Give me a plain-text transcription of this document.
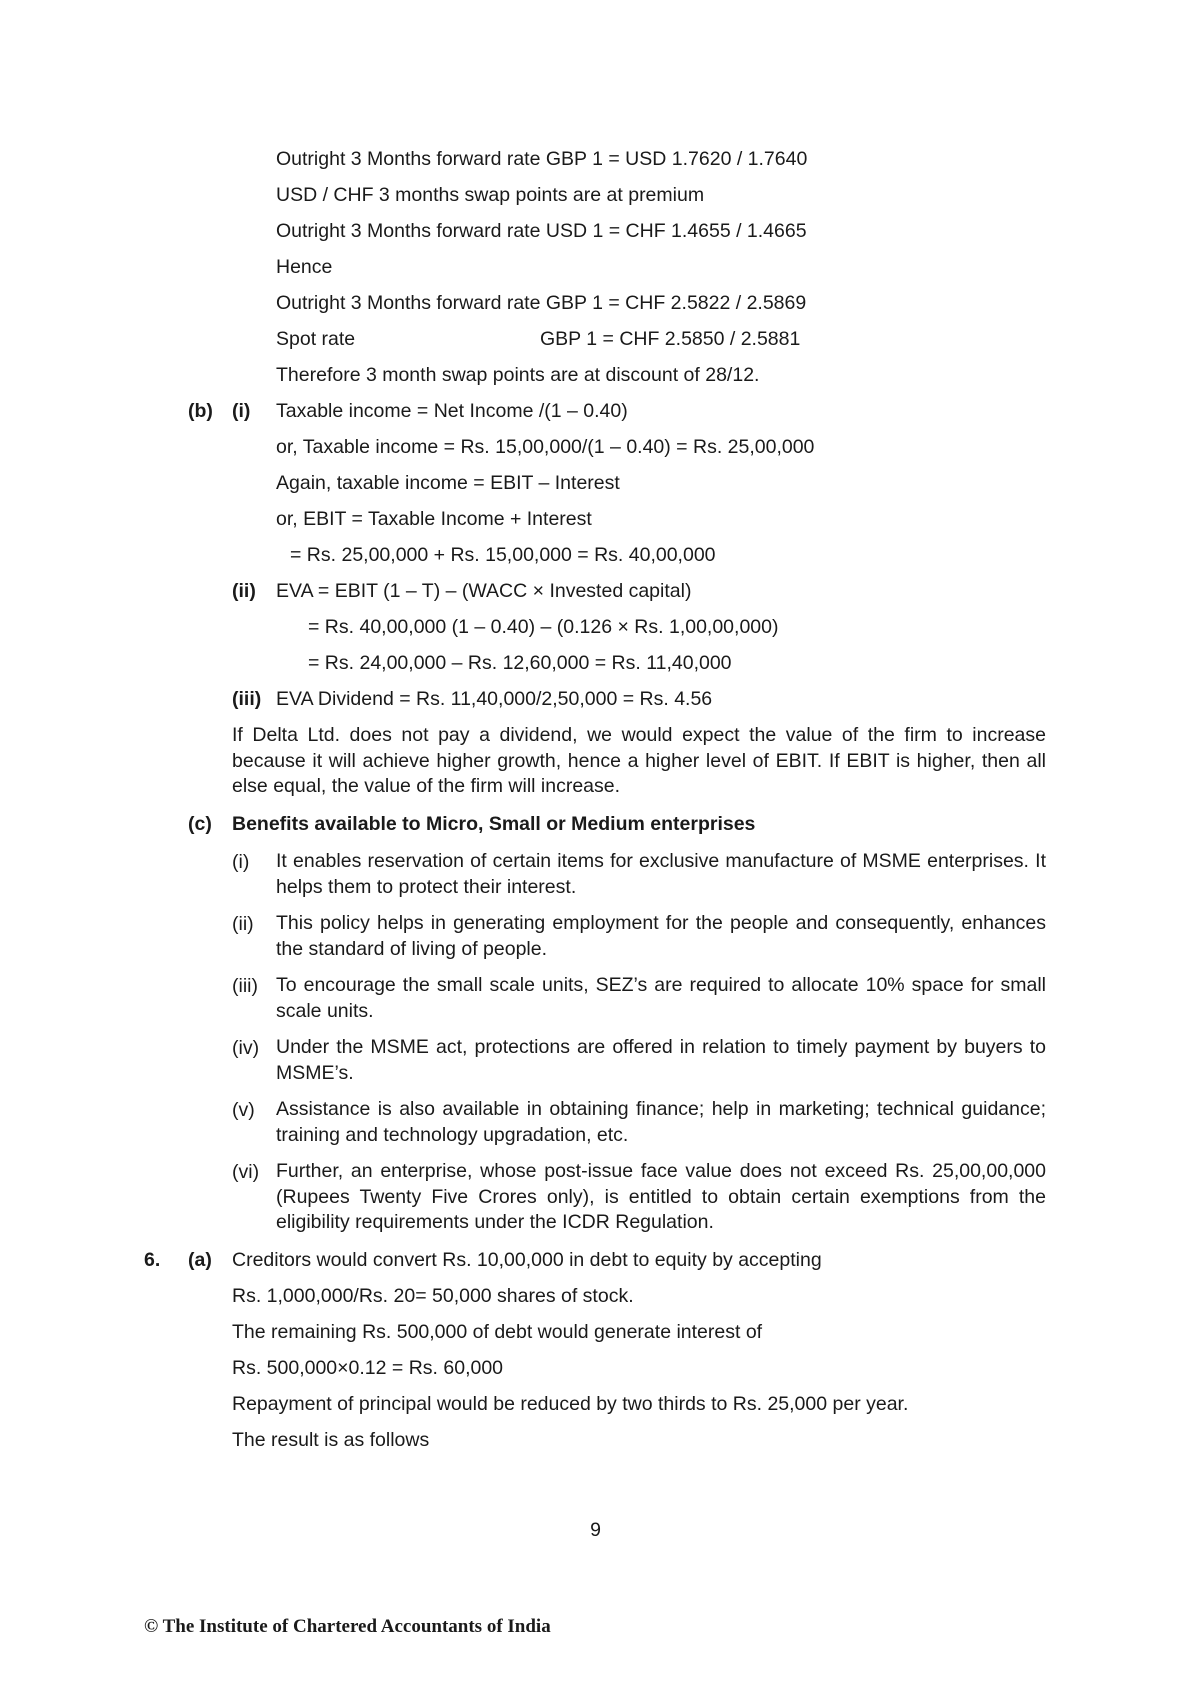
Outright 3 Months forward rate GBP 1 = USD 1.7620 / 1.7640
USD / CHF 3 months swap points are at premium
Outright 3 Months forward rate USD 1 = CHF 1.4655 / 1.4665
Hence
Outright 3 Months forward rate GBP 1 = CHF 2.5822 / 2.5869
Spot rate	GBP 1 = CHF 2.5850 / 2.5881
Therefore 3 month swap points are at discount of 28/12.
(b) (i) Taxable income = Net Income /(1 – 0.40)
or, Taxable income = Rs. 15,00,000/(1 – 0.40) = Rs. 25,00,000
Again, taxable income = EBIT – Interest
or, EBIT = Taxable Income + Interest
= Rs. 25,00,000 + Rs. 15,00,000 = Rs. 40,00,000
(ii) EVA = EBIT (1 – T) – (WACC × Invested capital)
= Rs. 40,00,000 (1 – 0.40) – (0.126 × Rs. 1,00,00,000)
= Rs. 24,00,000 – Rs. 12,60,000 = Rs. 11,40,000
(iii) EVA Dividend = Rs. 11,40,000/2,50,000 = Rs. 4.56
If Delta Ltd. does not pay a dividend, we would expect the value of the firm to increase because it will achieve higher growth, hence a higher level of EBIT. If EBIT is higher, then all else equal, the value of the firm will increase.
(c) Benefits available to Micro, Small or Medium enterprises
(i) It enables reservation of certain items for exclusive manufacture of MSME enterprises. It helps them to protect their interest.
(ii) This policy helps in generating employment for the people and consequently, enhances the standard of living of people.
(iii) To encourage the small scale units, SEZ’s are required to allocate 10% space for small scale units.
(iv) Under the MSME act, protections are offered in relation to timely payment by buyers to MSME’s.
(v) Assistance is also available in obtaining finance; help in marketing; technical guidance; training and technology upgradation, etc.
(vi) Further, an enterprise, whose post-issue face value does not exceed Rs. 25,00,00,000 (Rupees Twenty Five Crores only), is entitled to obtain certain exemptions from the eligibility requirements under the ICDR Regulation.
6. (a) Creditors would convert Rs. 10,00,000 in debt to equity by accepting
Rs. 1,000,000/Rs. 20= 50,000 shares of stock.
The remaining Rs. 500,000 of debt would generate interest of
Rs. 500,000×0.12 = Rs. 60,000
Repayment of principal would be reduced by two thirds to Rs. 25,000 per year.
The result is as follows
9
© The Institute of Chartered Accountants of India
